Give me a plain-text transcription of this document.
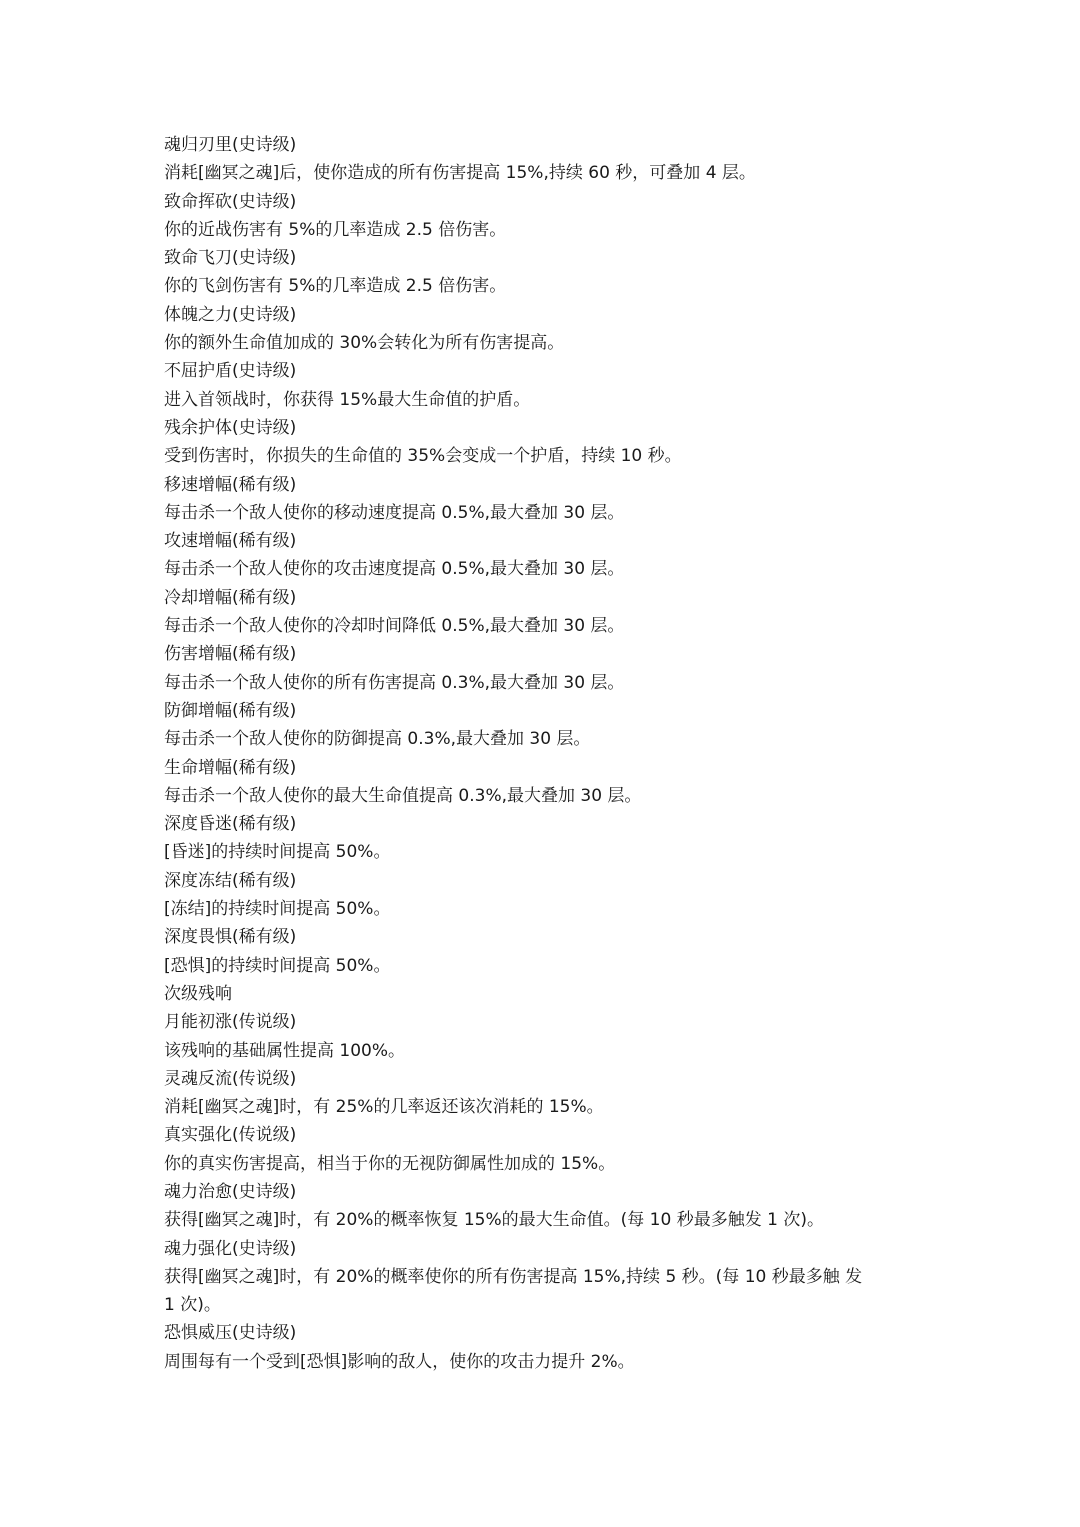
魂归刃里(史诗级)
消耗[幽冥之魂]后，使你造成的所有伤害提高 15%,持续 60 秒，可叠加 4 层。
致命挥砍(史诗级)
你的近战伤害有 5%的几率造成 2.5 倍伤害。
致命飞刀(史诗级)
你的飞剑伤害有 5%的几率造成 2.5 倍伤害。
体魄之力(史诗级)
你的额外生命值加成的 30%会转化为所有伤害提高。
不屈护盾(史诗级)
进入首领战时，你获得 15%最大生命值的护盾。
残余护体(史诗级)
受到伤害时，你损失的生命值的 35%会变成一个护盾，持续 10 秒。
移速增幅(稀有级)
每击杀一个敌人使你的移动速度提高 0.5%,最大叠加 30 层。
攻速增幅(稀有级)
每击杀一个敌人使你的攻击速度提高 0.5%,最大叠加 30 层。
冷却增幅(稀有级)
每击杀一个敌人使你的冷却时间降低 0.5%,最大叠加 30 层。
伤害增幅(稀有级)
每击杀一个敌人使你的所有伤害提高 0.3%,最大叠加 30 层。
防御增幅(稀有级)
每击杀一个敌人使你的防御提高 0.3%,最大叠加 30 层。
生命增幅(稀有级)
每击杀一个敌人使你的最大生命值提高 0.3%,最大叠加 30 层。
深度昏迷(稀有级)
[昏迷]的持续时间提高 50%。
深度冻结(稀有级)
[冻结]的持续时间提高 50%。
深度畏惧(稀有级)
[恐惧]的持续时间提高 50%。
次级残响
月能初涨(传说级)
该残响的基础属性提高 100%。
灵魂反流(传说级)
消耗[幽冥之魂]时，有 25%的几率返还该次消耗的 15%。
真实强化(传说级)
你的真实伤害提高，相当于你的无视防御属性加成的 15%。
魂力治愈(史诗级)
获得[幽冥之魂]时，有 20%的概率恢复 15%的最大生命值。(每 10 秒最多触发 1 次)。
魂力强化(史诗级)
获得[幽冥之魂]时，有 20%的概率使你的所有伤害提高 15%,持续 5 秒。(每 10 秒最多触 发
1 次)。
恐惧威压(史诗级)
周围每有一个受到[恐惧]影响的敌人，使你的攻击力提升 2%。
